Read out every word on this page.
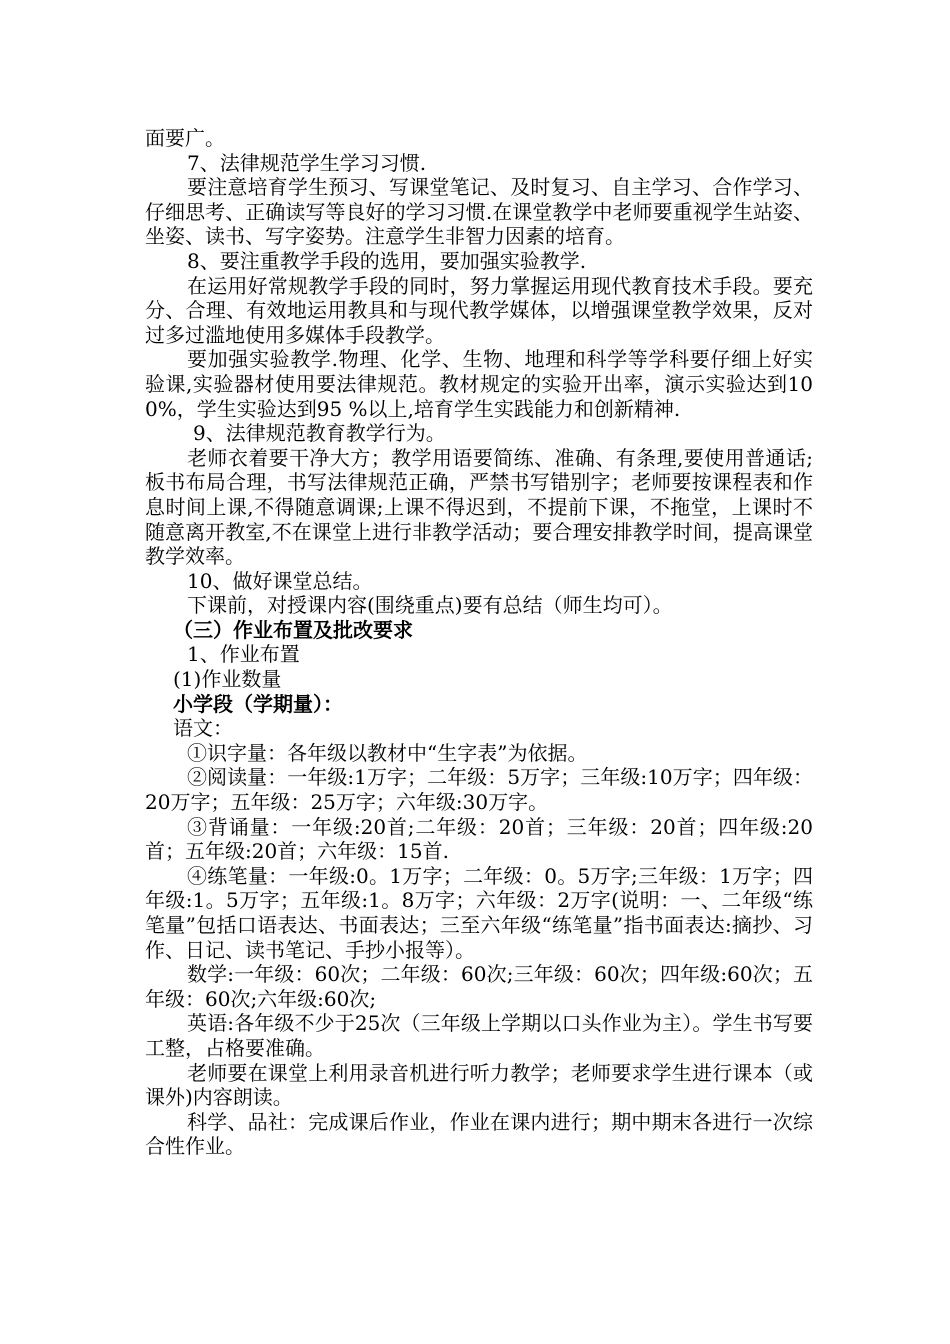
面要广。

7、法律规范学生学习习惯.

要注意培育学生预习、写课堂笔记、及时复习、自主学习、合作学习、仔细思考、正确读写等良好的学习习惯.在课堂教学中老师要重视学生站姿、坐姿、读书、写字姿势。注意学生非智力因素的培育。

8、要注重教学手段的选用，要加强实验教学.

在运用好常规教学手段的同时，努力掌握运用现代教育技术手段。要充分、合理、有效地运用教具和与现代教学媒体，以增强课堂教学效果，反对过多过滥地使用多媒体手段教学。

要加强实验教学.物理、化学、生物、地理和科学等学科要仔细上好实验课,实验器材使用要法律规范。教材规定的实验开出率，演示实验达到100%，学生实验达到95 %以上,培育学生实践能力和创新精神.

9、法律规范教育教学行为。

老师衣着要干净大方；教学用语要简练、准确、有条理,要使用普通话;板书布局合理，书写法律规范正确，严禁书写错别字；老师要按课程表和作息时间上课,不得随意调课;上课不得迟到，不提前下课，不拖堂，上课时不随意离开教室,不在课堂上进行非教学活动；要合理安排教学时间，提高课堂教学效率。

10、做好课堂总结。

下课前，对授课内容(围绕重点)要有总结（师生均可）。

（三）作业布置及批改要求

1、作业布置

(1)作业数量

小学段（学期量）：

语文：

①识字量：各年级以教材中“生字表”为依据。

②阅读量：一年级:1万字；二年级：5万字；三年级:10万字；四年级：20万字；五年级：25万字；六年级:30万字。

③背诵量：一年级:20首;二年级：20首；三年级：20首；四年级:20首；五年级:20首；六年级：15首.

④练笔量：一年级:0。1万字；二年级：0。5万字;三年级：1万字；四年级:1。5万字；五年级:1。8万字；六年级：2万字(说明：一、二年级“练笔量”包括口语表达、书面表达；三至六年级“练笔量”指书面表达:摘抄、习作、日记、读书笔记、手抄小报等）。

数学:一年级：60次；二年级：60次;三年级：60次；四年级:60次；五年级：60次;六年级:60次;

英语:各年级不少于25次（三年级上学期以口头作业为主）。学生书写要工整，占格要准确。

老师要在课堂上利用录音机进行听力教学；老师要求学生进行课本（或课外)内容朗读。

科学、品社：完成课后作业，作业在课内进行；期中期末各进行一次综合性作业。
